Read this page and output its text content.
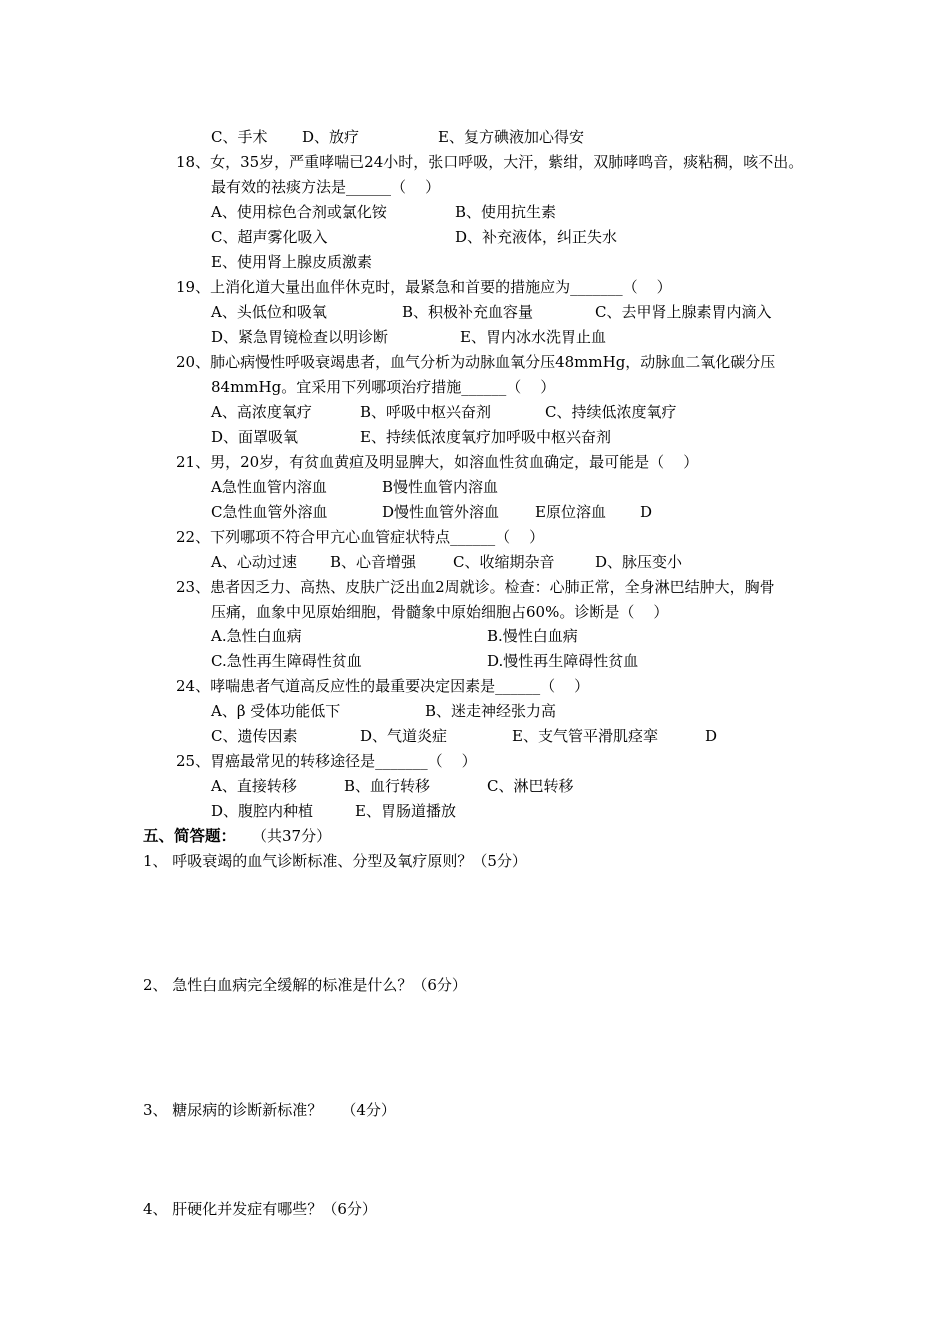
C、手术 D、放疗	E、复方碘液加心得安
18、女，35岁，严重哮喘已24小时，张口呼吸，大汗，紫绀，双肺哮鸣音，痰粘稠，咳不出。
最有效的祛痰方法是______（    ）
A、使用棕色合剂或氯化铵	B、使用抗生素
C、超声雾化吸入	D、补充液体，纠正失水
E、使用肾上腺皮质激素
19、上消化道大量出血伴休克时，最紧急和首要的措施应为_______（    ）
A、头低位和吸氧	B、积极补充血容量	C、去甲肾上腺素胃内滴入
D、紧急胃镜检查以明诊断	E、胃内冰水洗胃止血
20、肺心病慢性呼吸衰竭患者，血气分析为动脉血氧分压48mmHg，动脉血二氧化碳分压
84mmHg。宜采用下列哪项治疗措施______（    ）
A、高浓度氧疗	B、呼吸中枢兴奋剂	C、持续低浓度氧疗
D、面罩吸氧	E、持续低浓度氧疗加呼吸中枢兴奋剂
21、男，20岁，有贫血黄疸及明显脾大，如溶血性贫血确定，最可能是（    ）
A急性血管内溶血	B慢性血管内溶血
C急性血管外溶血	D慢性血管外溶血 E原位溶血 D
22、下列哪项不符合甲亢心血管症状特点______（    ）
A、心动过速 B、心音增强 C、收缩期杂音	D、脉压变小
23、患者因乏力、高热、皮肤广泛出血2周就诊。检查：心肺正常，全身淋巴结肿大，胸骨
压痛，血象中见原始细胞，骨髓象中原始细胞占60%。诊断是（    ）
A.急性白血病	B.慢性白血病
C.急性再生障碍性贫血	D.慢性再生障碍性贫血
24、哮喘患者气道高反应性的最重要决定因素是______（    ）
A、β 受体功能低下	B、迷走神经张力高
C、遗传因素	D、气道炎症	E、支气管平滑肌痉挛	D
25、胃癌最常见的转移途径是_______（    ）
A、直接转移	B、血行转移	C、淋巴转移
D、腹腔内种植	E、胃肠道播放
五、简答题： （共37分）
1、 呼吸衰竭的血气诊断标准、分型及氧疗原则？（5分）
2、 急性白血病完全缓解的标准是什么？（6分）
3、 糖尿病的诊断新标准？    （4分）
4、 肝硬化并发症有哪些？（6分）
